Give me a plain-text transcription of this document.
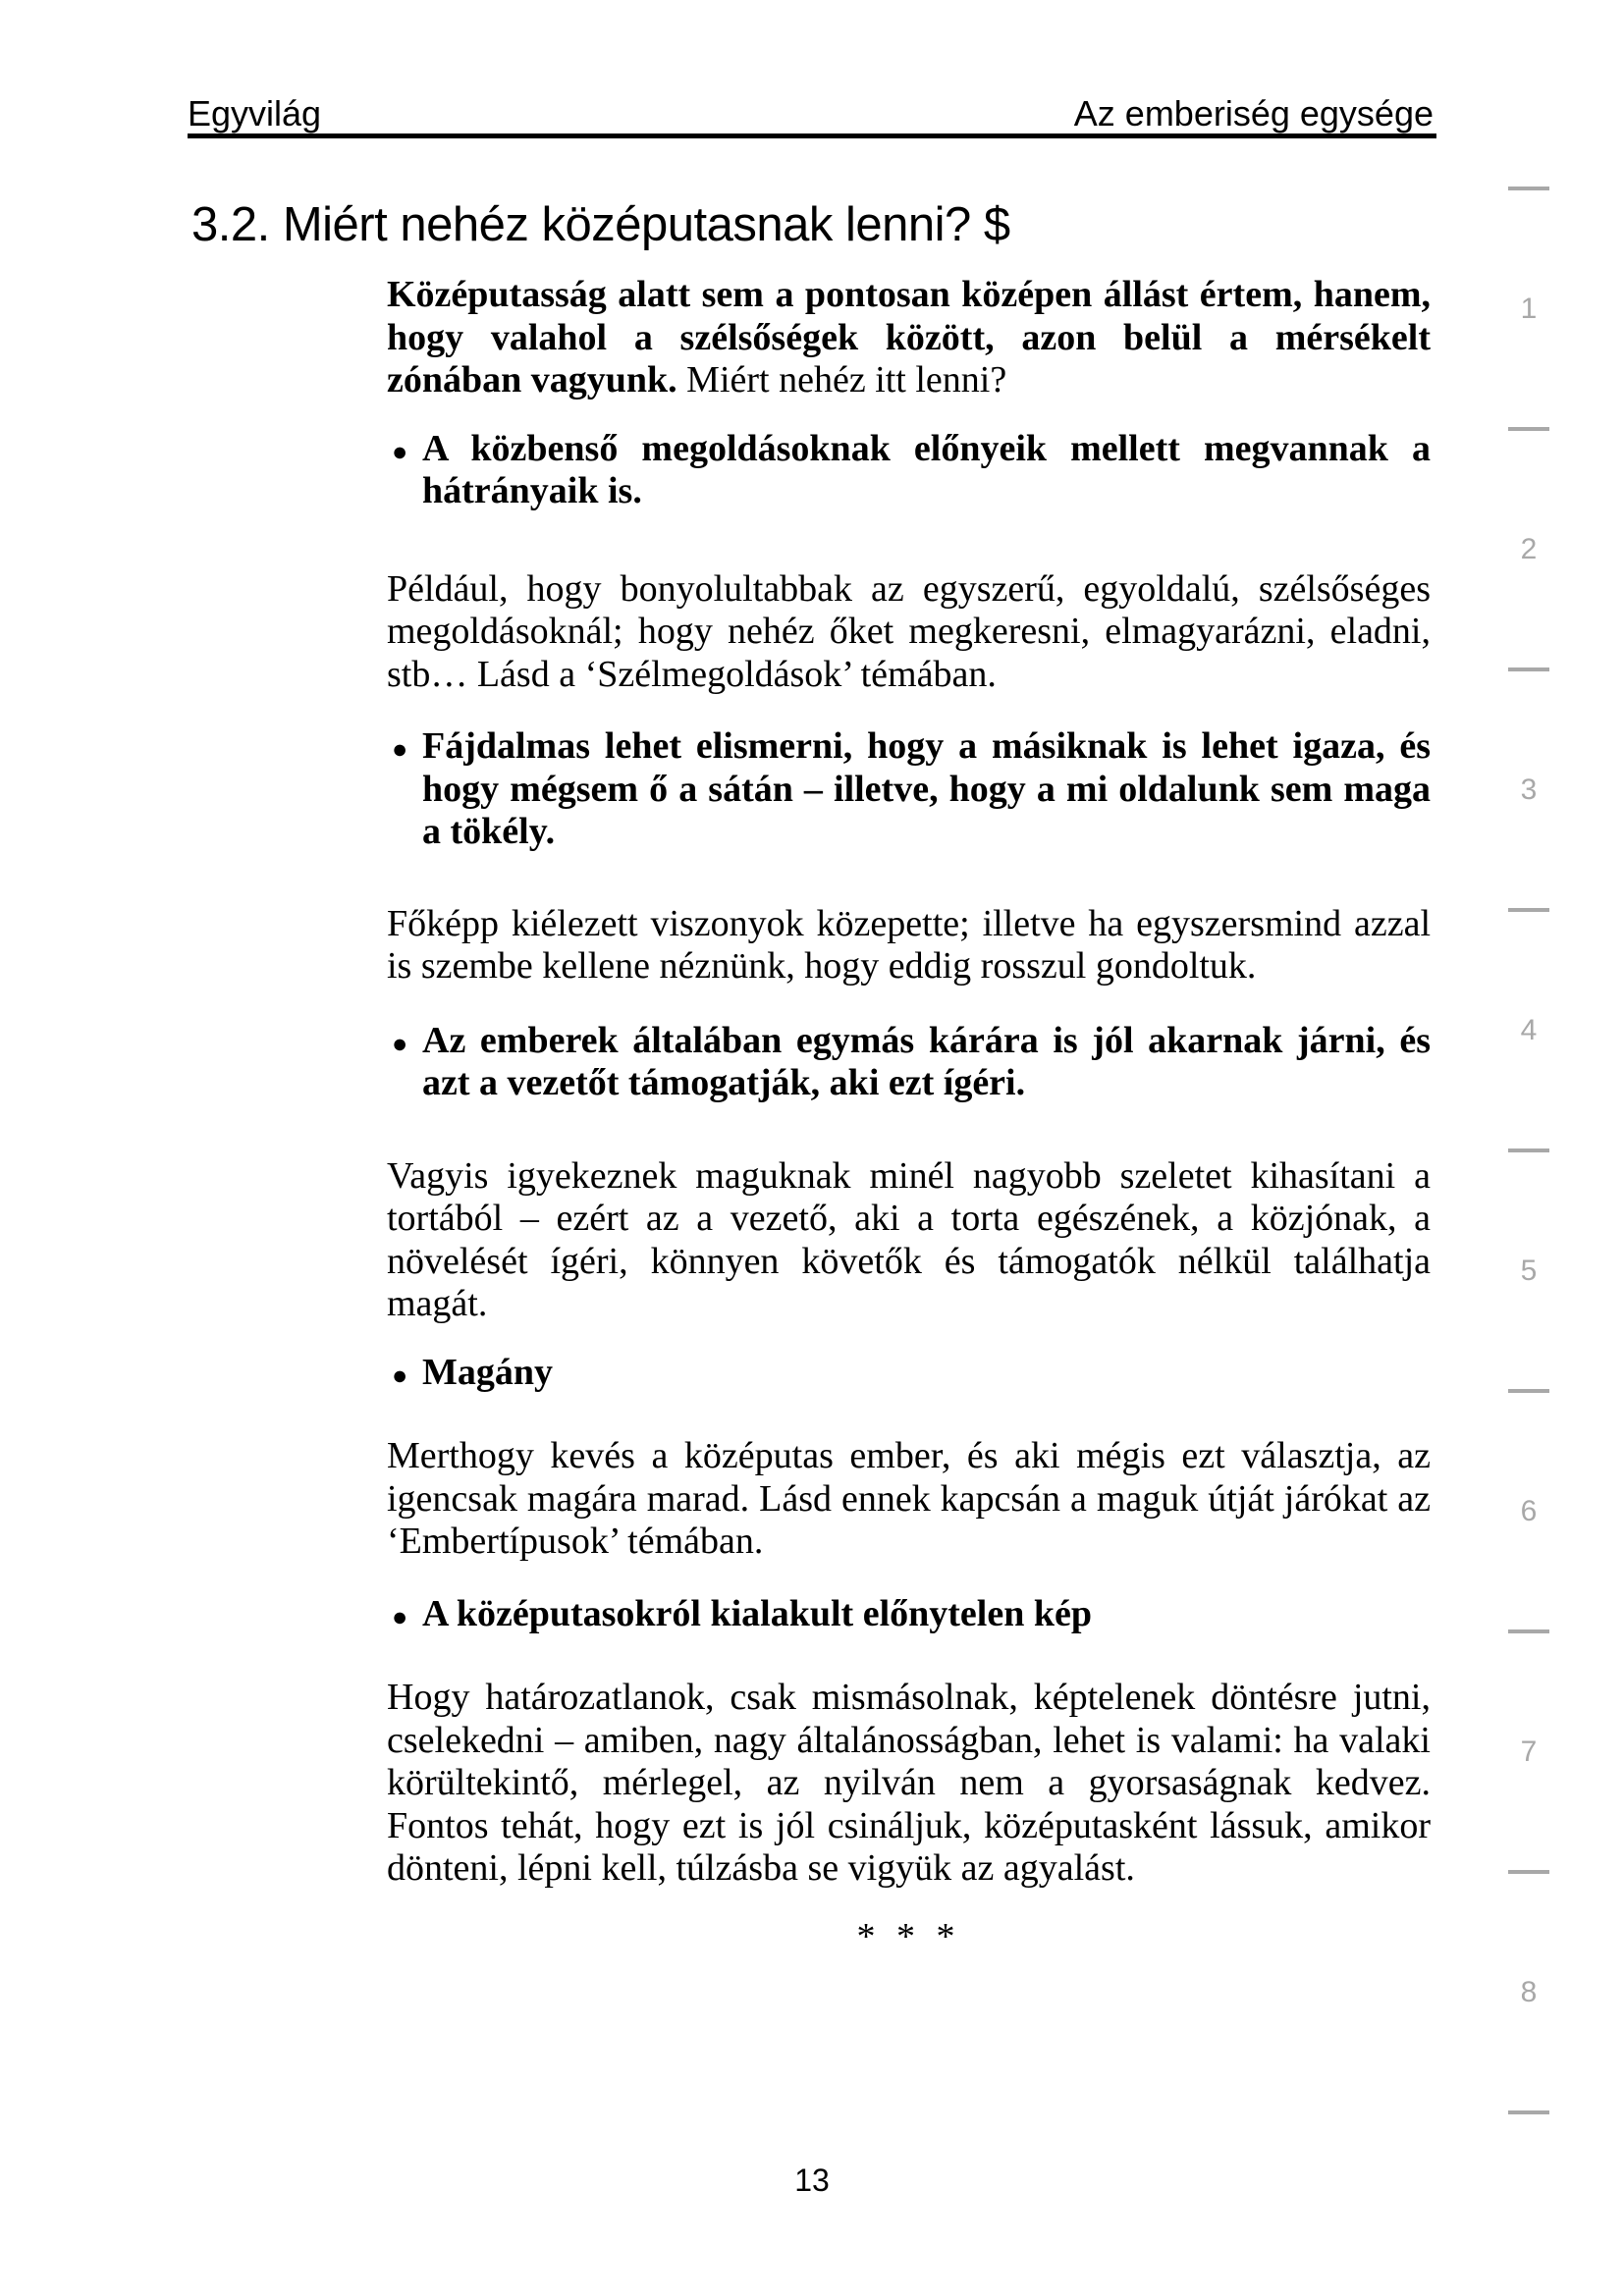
Egyvilág	Az emberiség egysége
3.2. Miért nehéz középutasnak lenni? $

Középutasság alatt sem a pontosan középen állást értem, hanem, hogy valahol a szélsőségek között, azon belül a mérsékelt zónában vagyunk. Miért nehéz itt lenni?

● A közbenső megoldásoknak előnyeik mellett megvannak a hátrányaik is.

Például, hogy bonyolultabbak az egyszerű, egyoldalú, szélsőséges megoldásoknál; hogy nehéz őket megkeresni, elmagyarázni, eladni, stb… Lásd a ‘Szélmegoldások’ témában.

● Fájdalmas lehet elismerni, hogy a másiknak is lehet igaza, és hogy mégsem ő a sátán – illetve, hogy a mi oldalunk sem maga a tökély.

Főképp kiélezett viszonyok közepette; illetve ha egyszersmind azzal is szembe kellene néznünk, hogy eddig rosszul gondoltuk.

● Az emberek általában egymás kárára is jól akarnak járni, és azt a vezetőt támogatják, aki ezt ígéri.

Vagyis igyekeznek maguknak minél nagyobb szeletet kihasítani a tortából – ezért az a vezető, aki a torta egészének, a közjónak, a növelését ígéri, könnyen követők és támogatók nélkül találhatja magát.

● Magány

Merthogy kevés a középutas ember, és aki mégis ezt választja, az igencsak magára marad. Lásd ennek kapcsán a maguk útját járókat az ‘Embertípusok’ témában.

● A középutasokról kialakult előnytelen kép

Hogy határozatlanok, csak mismásolnak, képtelenek döntésre jutni, cselekedni – amiben, nagy általánosságban, lehet is valami: ha valaki körültekintő, mérlegel, az nyilván nem a gyorsaságnak kedvez. Fontos tehát, hogy ezt is jól csináljuk, középutasként lássuk, amikor dönteni, lépni kell, túlzásba se vigyük az agyalást.

* * *

13
1
2
3
4
5
6
7
8
